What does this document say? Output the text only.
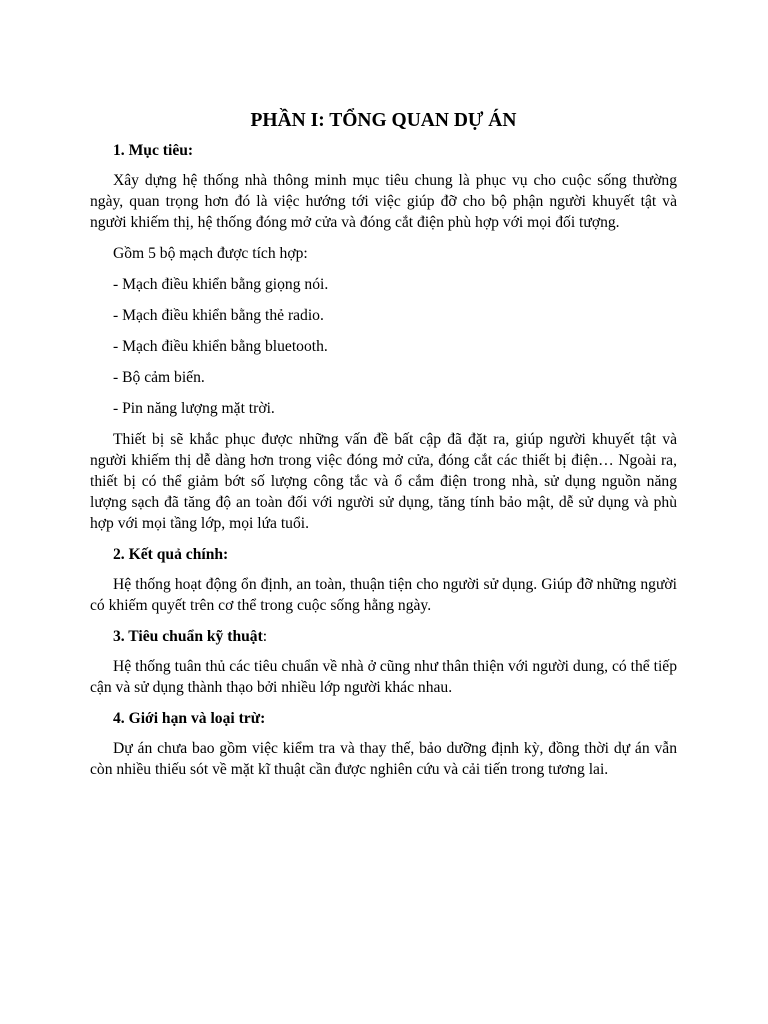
PHẦN I: TỔNG QUAN DỰ ÁN
1. Mục tiêu:

Xây dựng hệ thống nhà thông minh mục tiêu chung là phục vụ cho cuộc sống thường ngày, quan trọng hơn đó là việc hướng tới việc giúp đỡ cho bộ phận người khuyết tật và người khiếm thị, hệ thống đóng mở cửa và đóng cắt điện phù hợp với mọi đối tượng.

Gồm 5 bộ mạch được tích hợp:

- Mạch điều khiển bằng giọng nói.

- Mạch điều khiển bằng thẻ radio.

- Mạch điều khiển bằng bluetooth.

- Bộ cảm biến.

- Pin năng lượng mặt trời.

Thiết bị sẽ khắc phục được những vấn đề bất cập đã đặt ra, giúp người khuyết tật và người khiếm thị dễ dàng hơn trong việc đóng mở cửa, đóng cắt các thiết bị điện… Ngoài ra, thiết bị có thể giảm bớt số lượng công tắc và ổ cắm điện trong nhà, sử dụng nguồn năng lượng sạch đã tăng độ an toàn đối với người sử dụng, tăng tính bảo mật, dễ sử dụng và phù hợp với mọi tầng lớp, mọi lứa tuổi.

2. Kết quả chính:

Hệ thống hoạt động ổn định, an toàn, thuận tiện cho người sử dụng. Giúp đỡ những người có khiếm quyết trên cơ thể trong cuộc sống hằng ngày.

3. Tiêu chuẩn kỹ thuật:

Hệ thống tuân thủ các tiêu chuẩn về nhà ở cũng như thân thiện với người dung, có thể tiếp cận và sử dụng thành thạo bởi nhiều lớp người khác nhau.

4. Giới hạn và loại trừ:

Dự án chưa bao gồm việc kiểm tra và thay thế, bảo dưỡng định kỳ, đồng thời dự án vẫn còn nhiều thiếu sót về mặt kĩ thuật cần được nghiên cứu và cải tiến trong tương lai.
